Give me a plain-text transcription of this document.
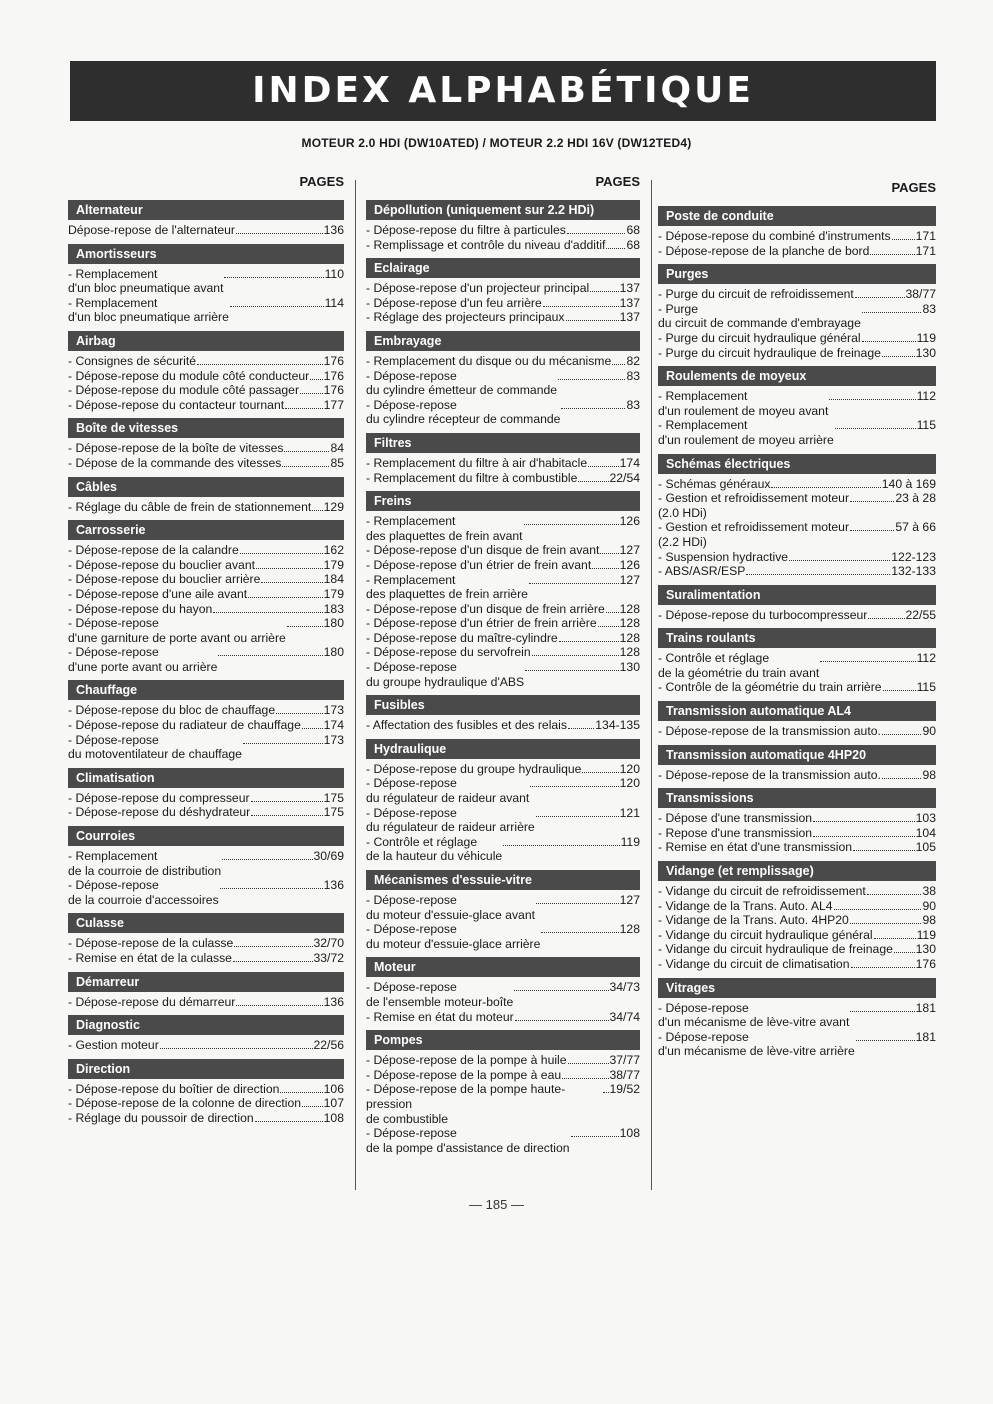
INDEX ALPHABÉTIQUE
MOTEUR 2.0 HDI (DW10ATED) / MOTEUR 2.2 HDI 16V (DW12TED4)
PAGES
Alternateur
Dépose-repose de l'alternateur	136
Amortisseurs
- Remplacement
d'un bloc pneumatique avant
110
- Remplacement
d'un bloc pneumatique arrière
114
Airbag
- Consignes de sécurité	176
- Dépose-repose du module côté conducteur 176
- Dépose-repose du module côté passager 176
- Dépose-repose du contacteur tournant	177
Boîte de vitesses
- Dépose-repose de la boîte de vitesses	84
- Dépose de la commande des vitesses	85
Câbles
- Réglage du câble de frein de stationnement 129
Carrosserie
- Dépose-repose de la calandre	162
- Dépose-repose du bouclier avant	179
- Dépose-repose du bouclier arrière	184
- Dépose-repose d'une aile avant	179
- Dépose-repose du hayon	183
- Dépose-repose
d'une garniture de porte avant ou arrière
180
- Dépose-repose
d'une porte avant ou arrière
180
Chauffage
- Dépose-repose du bloc de chauffage	173
- Dépose-repose du radiateur de chauffage 174
- Dépose-repose
du motoventilateur de chauffage
173
Climatisation
- Dépose-repose du compresseur	175
- Dépose-repose du déshydrateur	175
Courroies
- Remplacement
de la courroie de distribution
30/69
- Dépose-repose
de la courroie d'accessoires
136
Culasse
- Dépose-repose de la culasse	32/70
- Remise en état de la culasse	33/72
Démarreur
- Dépose-repose du démarreur	136
Diagnostic
- Gestion moteur	22/56
Direction
- Dépose-repose du boîtier de direction	106
- Dépose-repose de la colonne de direction 107
- Réglage du poussoir de direction	108
PAGES
Dépollution (uniquement sur 2.2 HDi)
- Dépose-repose du filtre à particules	68
- Remplissage et contrôle du niveau d'additif 68
Eclairage
- Dépose-repose d'un projecteur principal 137
- Dépose-repose d'un feu arrière	137
- Réglage des projecteurs principaux	137
Embrayage
- Remplacement du disque ou du mécanisme 82
- Dépose-repose
du cylindre émetteur de commande
83
- Dépose-repose
du cylindre récepteur de commande
83
Filtres
- Remplacement du filtre à air d'habitacle	174
- Remplacement du filtre à combustible	22/54
Freins
- Remplacement
des plaquettes de frein avant
126
- Dépose-repose d'un disque de frein avant 127
- Dépose-repose d'un étrier de frein avant 126
- Remplacement
des plaquettes de frein arrière
127
- Dépose-repose d'un disque de frein arrière 128
- Dépose-repose d'un étrier de frein arrière 128
- Dépose-repose du maître-cylindre	128
- Dépose-repose du servofrein	128
- Dépose-repose
du groupe hydraulique d'ABS
130
Fusibles
- Affectation des fusibles et des relais 134-135
Hydraulique
- Dépose-repose du groupe hydraulique	120
- Dépose-repose
du régulateur de raideur avant
120
- Dépose-repose
du régulateur de raideur arrière
121
- Contrôle et réglage
de la hauteur du véhicule
119
Mécanismes d'essuie-vitre
- Dépose-repose
du moteur d'essuie-glace avant
127
- Dépose-repose
du moteur d'essuie-glace arrière
128
Moteur
- Dépose-repose
de l'ensemble moteur-boîte
34/73
- Remise en état du moteur	34/74
Pompes
- Dépose-repose de la pompe à huile	37/77
- Dépose-repose de la pompe à eau	38/77
- Dépose-repose de la pompe haute-pression
de combustible
19/52
- Dépose-repose
de la pompe d'assistance de direction
108
PAGES
Poste de conduite
- Dépose-repose du combiné d'instruments 171
- Dépose-repose de la planche de bord	171
Purges
- Purge du circuit de refroidissement	38/77
- Purge
du circuit de commande d'embrayage
83
- Purge du circuit hydraulique général	119
- Purge du circuit hydraulique de freinage	130
Roulements de moyeux
- Remplacement
d'un roulement de moyeu avant
112
- Remplacement
d'un roulement de moyeu arrière
115
Schémas électriques
- Schémas généraux	140 à 169
- Gestion et refroidissement moteur
(2.0 HDi)
23 à 28
- Gestion et refroidissement moteur
(2.2 HDi)
57 à 66
- Suspension hydractive	122-123
- ABS/ASR/ESP	132-133
Suralimentation
- Dépose-repose du turbocompresseur	22/55
Trains roulants
- Contrôle et réglage
de la géométrie du train avant
112
- Contrôle de la géométrie du train arrière	115
Transmission automatique AL4
- Dépose-repose de la transmission auto.	90
Transmission automatique 4HP20
- Dépose-repose de la transmission auto.	98
Transmissions
- Dépose d'une transmission	103
- Repose d'une transmission	104
- Remise en état d'une transmission	105
Vidange (et remplissage)
- Vidange du circuit de refroidissement	38
- Vidange de la Trans. Auto. AL4	90
- Vidange de la Trans. Auto. 4HP20	98
- Vidange du circuit hydraulique général	119
- Vidange du circuit hydraulique de freinage 130
- Vidange du circuit de climatisation	176
Vitrages
- Dépose-repose
d'un mécanisme de lève-vitre avant
181
- Dépose-repose
d'un mécanisme de lève-vitre arrière
181
— 185 —
